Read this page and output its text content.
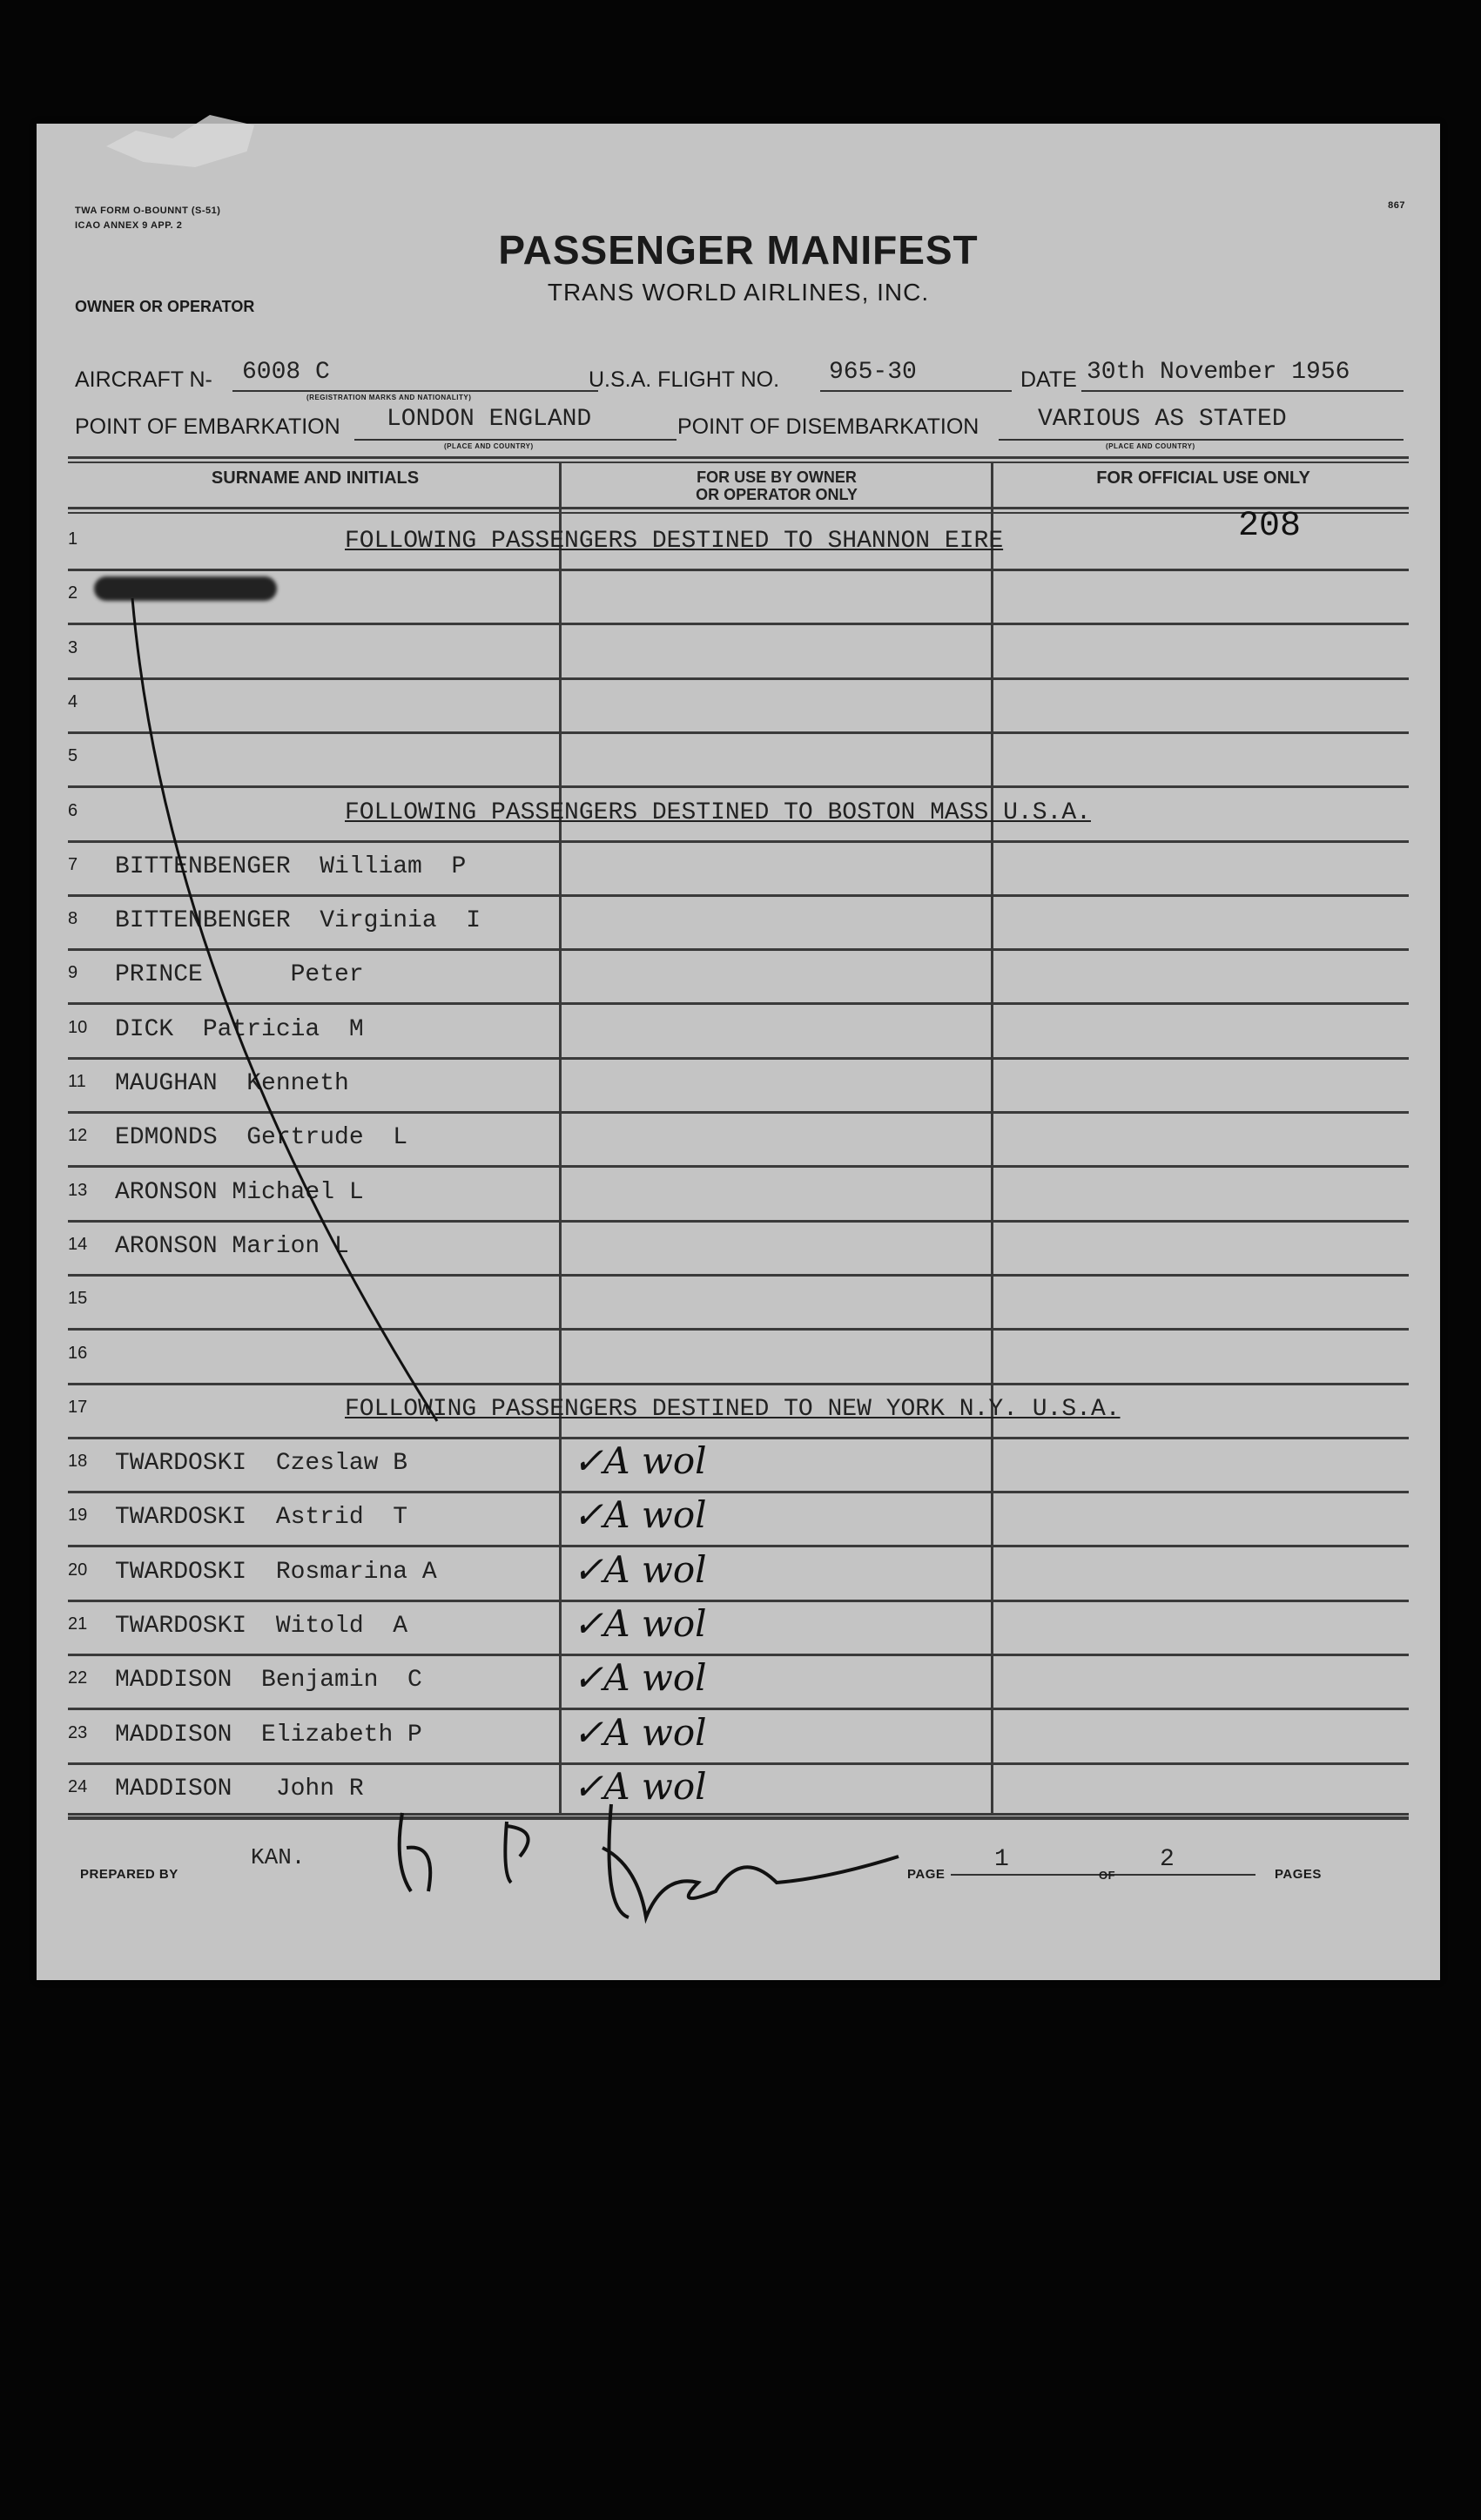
TWA FORM O-BOUNNT (S-51)
ICAO ANNEX 9 APP. 2
867
PASSENGER MANIFEST
TRANS WORLD AIRLINES, INC.
OWNER OR OPERATOR
AIRCRAFT N- 6008 C
(REGISTRATION MARKS AND NATIONALITY)
U.S.A. FLIGHT NO. 965-30	DATE 30th November 1956
POINT OF EMBARKATION LONDON ENGLAND
(PLACE AND COUNTRY)
POINT OF DISEMBARKATION VARIOUS AS STATED
(PLACE AND COUNTRY)
SURNAME AND INITIALS	FOR USE BY OWNER
OR OPERATOR ONLY
FOR OFFICIAL USE ONLY
208
1	FOLLOWING PASSENGERS DESTINED TO SHANNON EIRE
2
3
4
5
6	FOLLOWING PASSENGERS DESTINED TO BOSTON MASS U.S.A.
7	BITTENBENGER  William  P
8	BITTENBENGER  Virginia  I
9	PRINCE      Peter
10	DICK  Patricia  M
11	MAUGHAN  Kenneth
12	EDMONDS  Gertrude  L
13	ARONSON Michael L
14	ARONSON Marion L
15
16
17	FOLLOWING PASSENGERS DESTINED TO NEW YORK N.Y. U.S.A.
18	TWARDOSKI  Czeslaw B	✓A wol
19	TWARDOSKI  Astrid  T	✓A wol
20	TWARDOSKI  Rosmarina A	✓A wol
21	TWARDOSKI  Witold  A	✓A wol
22	MADDISON  Benjamin  C	✓A wol
23	MADDISON  Elizabeth P	✓A wol
24	MADDISON   John R	✓A wol
PREPARED BY
KAN.
PAGE
1
OF
2
PAGES
